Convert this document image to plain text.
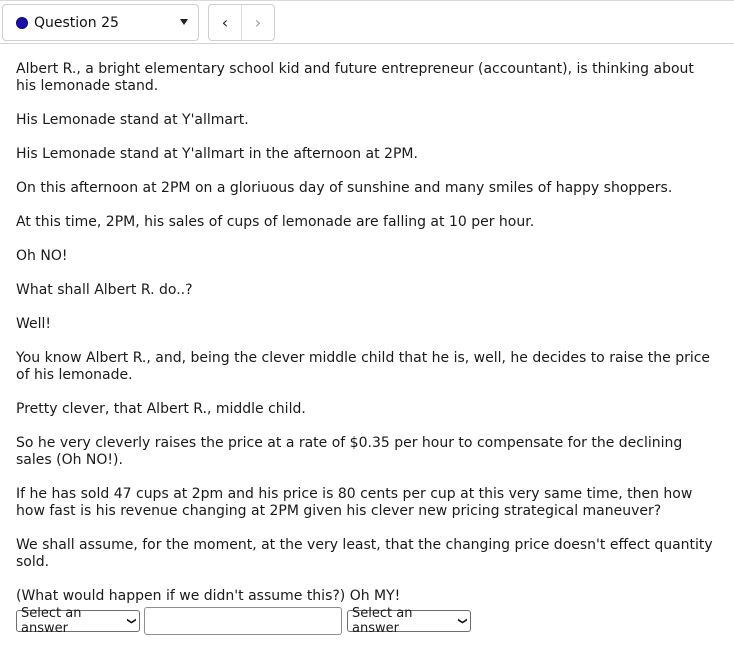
Question 25	‹ ›

Albert R., a bright elementary school kid and future entrepreneur (accountant), is thinking about his lemonade stand.

His Lemonade stand at Y'allmart.

His Lemonade stand at Y'allmart in the afternoon at 2PM.

On this afternoon at 2PM on a gloriuous day of sunshine and many smiles of happy shoppers.

At this time, 2PM, his sales of cups of lemonade are falling at 10 per hour.

Oh NO!

What shall Albert R. do..?

Well!

You know Albert R., and, being the clever middle child that he is, well, he decides to raise the price of his lemonade.

Pretty clever, that Albert R., middle child.

So he very cleverly raises the price at a rate of $0.35 per hour to compensate for the declining sales (Oh NO!).

If he has sold 47 cups at 2pm and his price is 80 cents per cup at this very same time, then how how fast is his revenue changing at 2PM given his clever new pricing strategical maneuver?

We shall assume, for the moment, at the very least, that the changing price doesn't effect quantity sold.

(What would happen if we didn't assume this?) Oh MY!

Select an answer	❯	Select an answer	❯
